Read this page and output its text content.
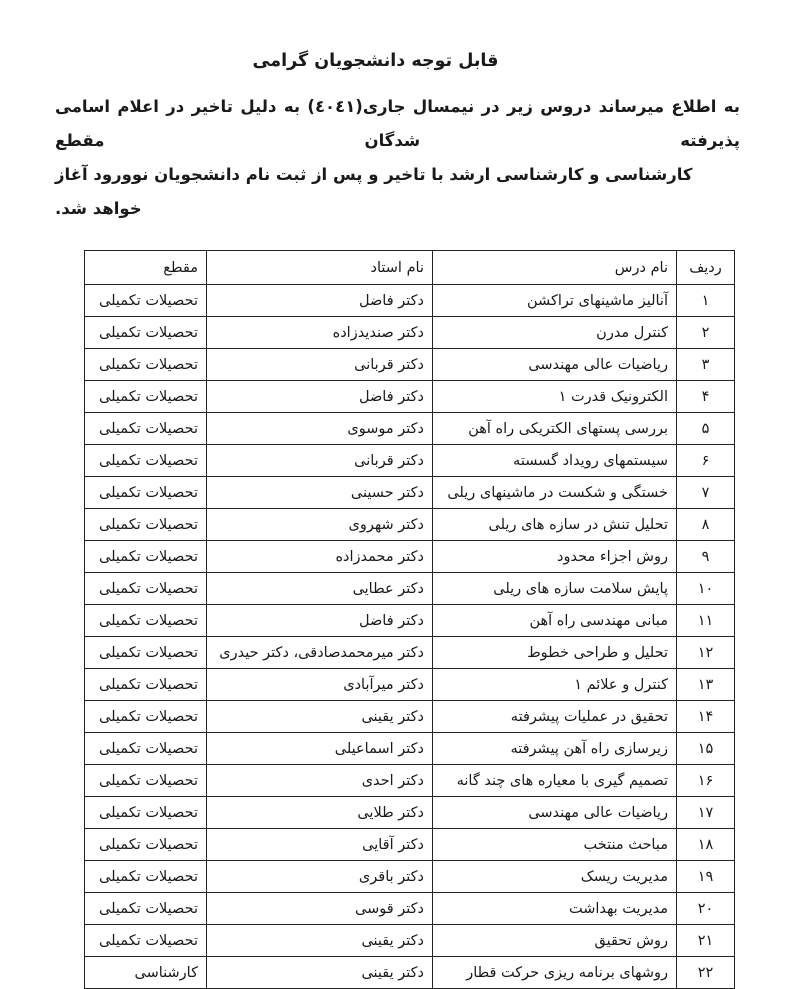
قابل توجه دانشجویان گرامی
به اطلاع میرساند دروس زیر در نیمسال جاری(٤٠٤١) به دلیل تاخیر در اعلام اسامی پذیرفته شدگان مقطع
کارشناسی و کارشناسی ارشد با تاخیر و پس از ثبت نام دانشجویان نوورود آغاز خواهد شد.
ردیف	نام درس	نام استاد	مقطع
۱	آنالیز ماشینهای تراکشن	دکتر فاضل	تحصیلات تکمیلی
۲	کنترل مدرن	دکتر صندیدزاده	تحصیلات تکمیلی
۳	ریاضیات عالی مهندسی	دکتر قربانی	تحصیلات تکمیلی
۴	الکترونیک قدرت ۱	دکتر فاضل	تحصیلات تکمیلی
۵	بررسی پستهای الکتریکی راه آهن	دکتر موسوی	تحصیلات تکمیلی
۶	سیستمهای رویداد گسسته	دکتر قربانی	تحصیلات تکمیلی
۷	خستگی و شکست در ماشینهای ریلی	دکتر حسینی	تحصیلات تکمیلی
۸	تحلیل تنش در سازه های ریلی	دکتر شهروی	تحصیلات تکمیلی
۹	روش اجزاء محدود	دکتر محمدزاده	تحصیلات تکمیلی
۱۰	پایش سلامت سازه های ریلی	دکتر عطایی	تحصیلات تکمیلی
۱۱	مبانی مهندسی راه آهن	دکتر فاضل	تحصیلات تکمیلی
۱۲	تحلیل و طراحی خطوط	دکتر میرمحمدصادقی، دکتر حیدری	تحصیلات تکمیلی
۱۳	کنترل و علائم ۱	دکتر میرآبادی	تحصیلات تکمیلی
۱۴	تحقیق در عملیات پیشرفته	دکتر یقینی	تحصیلات تکمیلی
۱۵	زیرسازی راه آهن پیشرفته	دکتر اسماعیلی	تحصیلات تکمیلی
۱۶	تصمیم گیری با معیاره های چند گانه	دکتر احدی	تحصیلات تکمیلی
۱۷	ریاضیات عالی مهندسی	دکتر طلایی	تحصیلات تکمیلی
۱۸	مباحث منتخب	دکتر آقایی	تحصیلات تکمیلی
۱۹	مدیریت ریسک	دکتر باقری	تحصیلات تکمیلی
۲۰	مدیریت بهداشت	دکتر قوسی	تحصیلات تکمیلی
۲۱	روش تحقیق	دکتر یقینی	تحصیلات تکمیلی
۲۲	روشهای برنامه ریزی حرکت قطار	دکتر یقینی	کارشناسی
